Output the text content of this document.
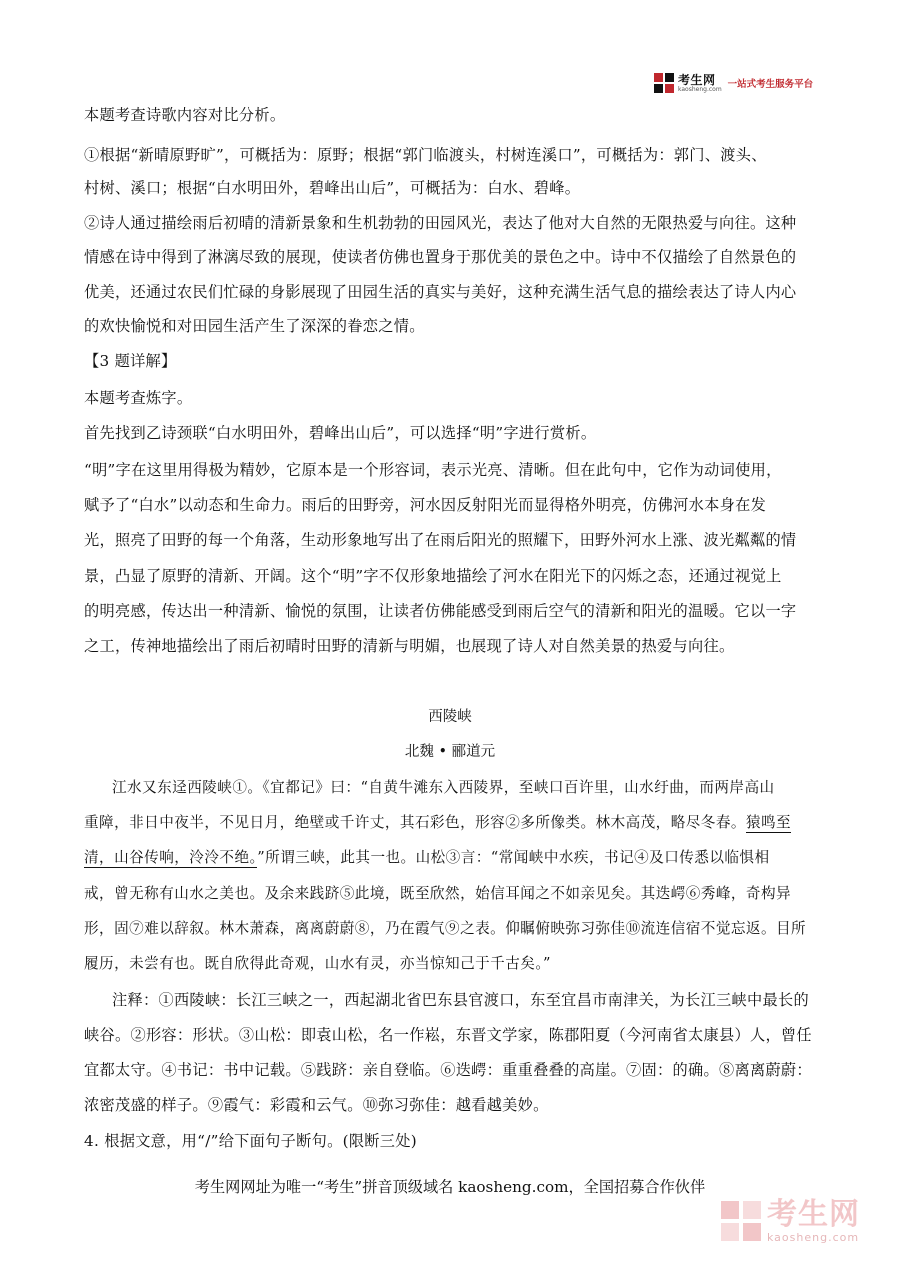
考生网
kaosheng.com 一站式考生服务平台
本题考查诗歌内容对比分析。
①根据“新晴原野旷”，可概括为：原野；根据“郭门临渡头，村树连溪口”，可概括为：郭门、渡头、
村树、溪口；根据“白水明田外，碧峰出山后”，可概括为：白水、碧峰。
②诗人通过描绘雨后初晴的清新景象和生机勃勃的田园风光，表达了他对大自然的无限热爱与向往。这种
情感在诗中得到了淋漓尽致的展现，使读者仿佛也置身于那优美的景色之中。诗中不仅描绘了自然景色的
优美，还通过农民们忙碌的身影展现了田园生活的真实与美好，这种充满生活气息的描绘表达了诗人内心
的欢快愉悦和对田园生活产生了深深的眷恋之情。
【3 题详解】
本题考查炼字。
首先找到乙诗颈联“白水明田外，碧峰出山后”，可以选择“明”字进行赏析。
“明”字在这里用得极为精妙，它原本是一个形容词，表示光亮、清晰。但在此句中，它作为动词使用，
赋予了“白水”以动态和生命力。雨后的田野旁，河水因反射阳光而显得格外明亮，仿佛河水本身在发
光，照亮了田野的每一个角落，生动形象地写出了在雨后阳光的照耀下，田野外河水上涨、波光粼粼的情
景，凸显了原野的清新、开阔。这个“明”字不仅形象地描绘了河水在阳光下的闪烁之态，还通过视觉上
的明亮感，传达出一种清新、愉悦的氛围，让读者仿佛能感受到雨后空气的清新和阳光的温暖。它以一字
之工，传神地描绘出了雨后初晴时田野的清新与明媚，也展现了诗人对自然美景的热爱与向往。
西陵峡
北魏 • 郦道元
江水又东迳西陵峡①。《宜都记》曰：“自黄牛滩东入西陵界，至峡口百许里，山水纡曲，而两岸高山
重障，非日中夜半，不见日月，绝壁或千许丈，其石彩色，形容②多所像类。林木高茂，略尽冬春。猿鸣至
清，山谷传响，泠泠不绝。”所谓三峡，此其一也。山松③言：“常闻峡中水疾，书记④及口传悉以临惧相
戒，曾无称有山水之美也。及余来践跻⑤此境，既至欣然，始信耳闻之不如亲见矣。其迭崿⑥秀峰，奇构异
形，固⑦难以辞叙。林木萧森，离离蔚蔚⑧，乃在霞气⑨之表。仰瞩俯映弥习弥佳⑩流连信宿不觉忘返。目所
履历，未尝有也。既自欣得此奇观，山水有灵，亦当惊知己于千古矣。”
注释：①西陵峡：长江三峡之一，西起湖北省巴东县官渡口，东至宜昌市南津关，为长江三峡中最长的
峡谷。②形容：形状。③山松：即袁山松，名一作崧，东晋文学家，陈郡阳夏（今河南省太康县）人，曾任
宜都太守。④书记：书中记载。⑤践跻：亲自登临。⑥迭崿：重重叠叠的高崖。⑦固：的确。⑧离离蔚蔚：
浓密茂盛的样子。⑨霞气：彩霞和云气。⑩弥习弥佳：越看越美妙。
4. 根据文意，用“/”给下面句子断句。(限断三处)
考生网网址为唯一“考生”拼音顶级域名 kaosheng.com，全国招募合作伙伴
考生网
kaosheng.com
